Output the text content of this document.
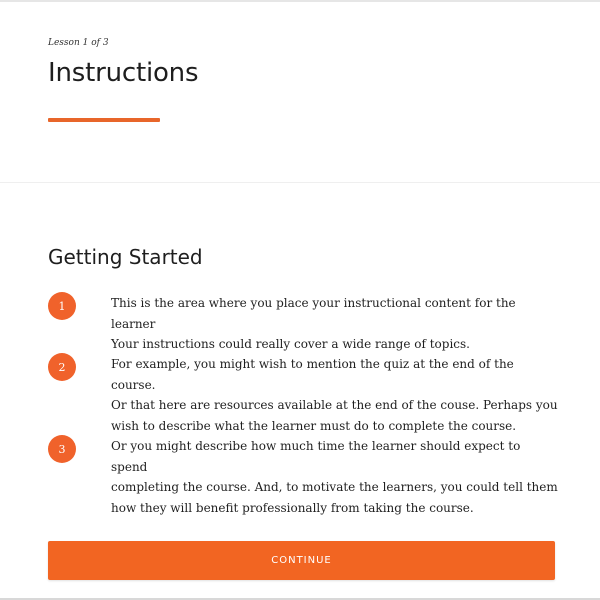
Lesson 1 of 3
Instructions
Getting Started
1	This is the area where you place your instructional content for the learner
Your instructions could really cover a wide range of topics.
2	For example, you might wish to mention the quiz at the end of the course.
Or that here are resources available at the end of the couse. Perhaps you
wish to describe what the learner must do to complete the course.
3	Or you might describe how much time the learner should expect to spend
completing the course. And, to motivate the learners, you could tell them
how they will benefit professionally from taking the course.
CONTINUE
